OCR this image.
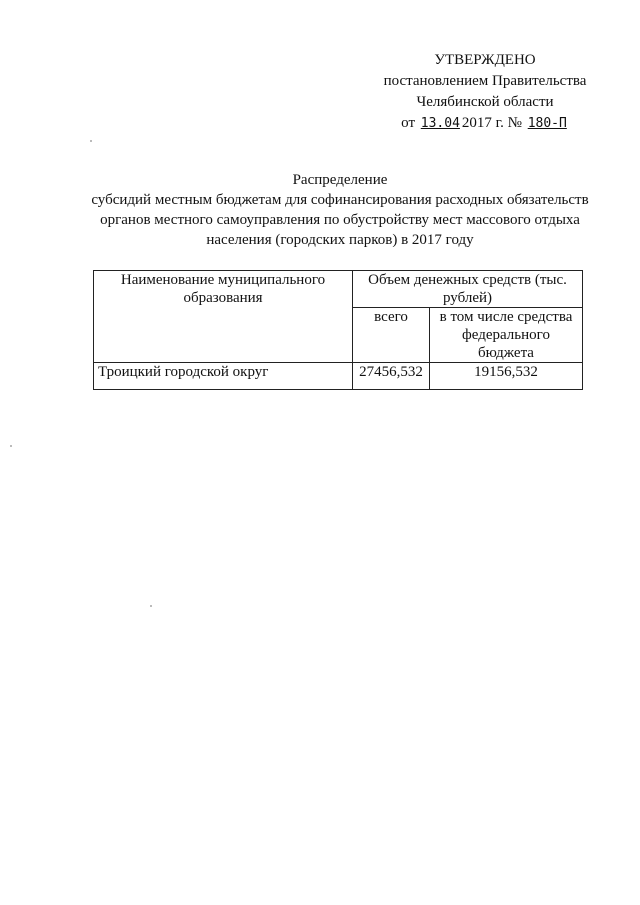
УТВЕРЖДЕНО
постановлением Правительства
Челябинской области
от 13.04 2017 г. № 180-П
Распределение
субсидий местным бюджетам для софинансирования расходных обязательств
органов местного самоуправления по обустройству мест массового отдыха
населения (городских парков) в 2017 году
Наименование муниципального образования	Объем денежных средств (тыс. рублей)	
	всего	в том числе средства федерального бюджета
Троицкий городской округ	27456,532	19156,532
